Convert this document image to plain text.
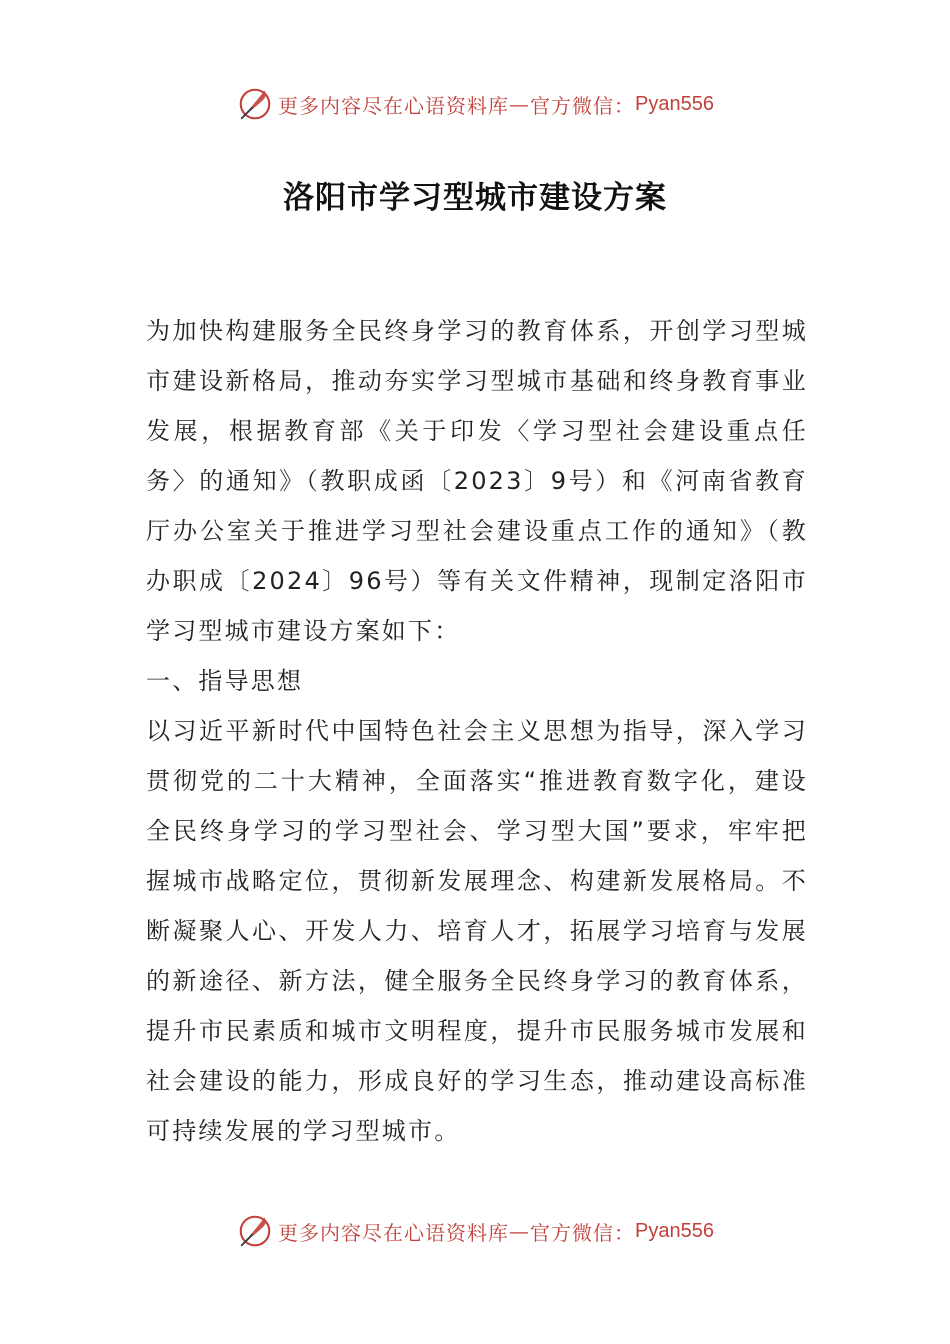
更多内容尽在心语资料库 — 官方微信： Pyan556
洛阳市学习型城市建设方案

为加快构建服务全民终身学习的教育体系，开创学习型城市建设新格局，推动夯实学习型城市基础和终身教育事业发展，根据教育部《关于印发〈学习型社会建设重点任务〉的通知》（教职成函〔2023〕9号）和《河南省教育厅办公室关于推进学习型社会建设重点工作的通知》（教办职成〔2024〕96号）等有关文件精神，现制定洛阳市学习型城市建设方案如下：

一、指导思想

以习近平新时代中国特色社会主义思想为指导，深入学习贯彻党的二十大精神，全面落实“推进教育数字化，建设全民终身学习的学习型社会、学习型大国”要求，牢牢把握城市战略定位，贯彻新发展理念、构建新发展格局。不断凝聚人心、开发人力、培育人才，拓展学习培育与发展的新途径、新方法，健全服务全民终身学习的教育体系，提升市民素质和城市文明程度，提升市民服务城市发展和社会建设的能力，形成良好的学习生态，推动建设高标准可持续发展的学习型城市。

更多内容尽在心语资料库 — 官方微信： Pyan556
